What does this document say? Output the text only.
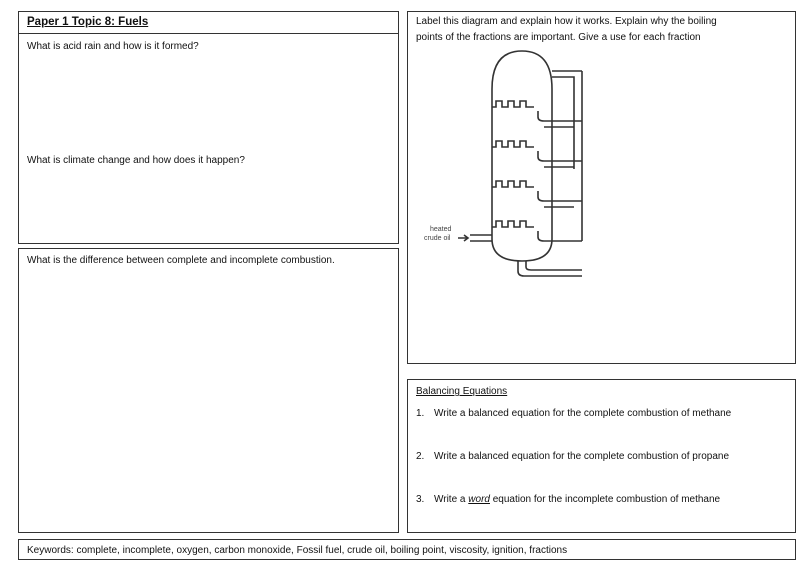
Paper 1 Topic 8: Fuels
What is acid rain and how is it formed?
What is climate change and how does it happen?
What is the difference between complete and incomplete combustion.
Label this diagram and explain how it works. Explain why the boiling
points of the fractions are important. Give a use for each fraction
heated
crude oil
Balancing Equations
1. Write a balanced equation for the complete combustion of methane
2. Write a balanced equation for the complete combustion of propane
3. Write a word equation for the incomplete combustion of methane
Keywords: complete, incomplete, oxygen, carbon monoxide, Fossil fuel, crude oil, boiling point, viscosity, ignition, fractions
